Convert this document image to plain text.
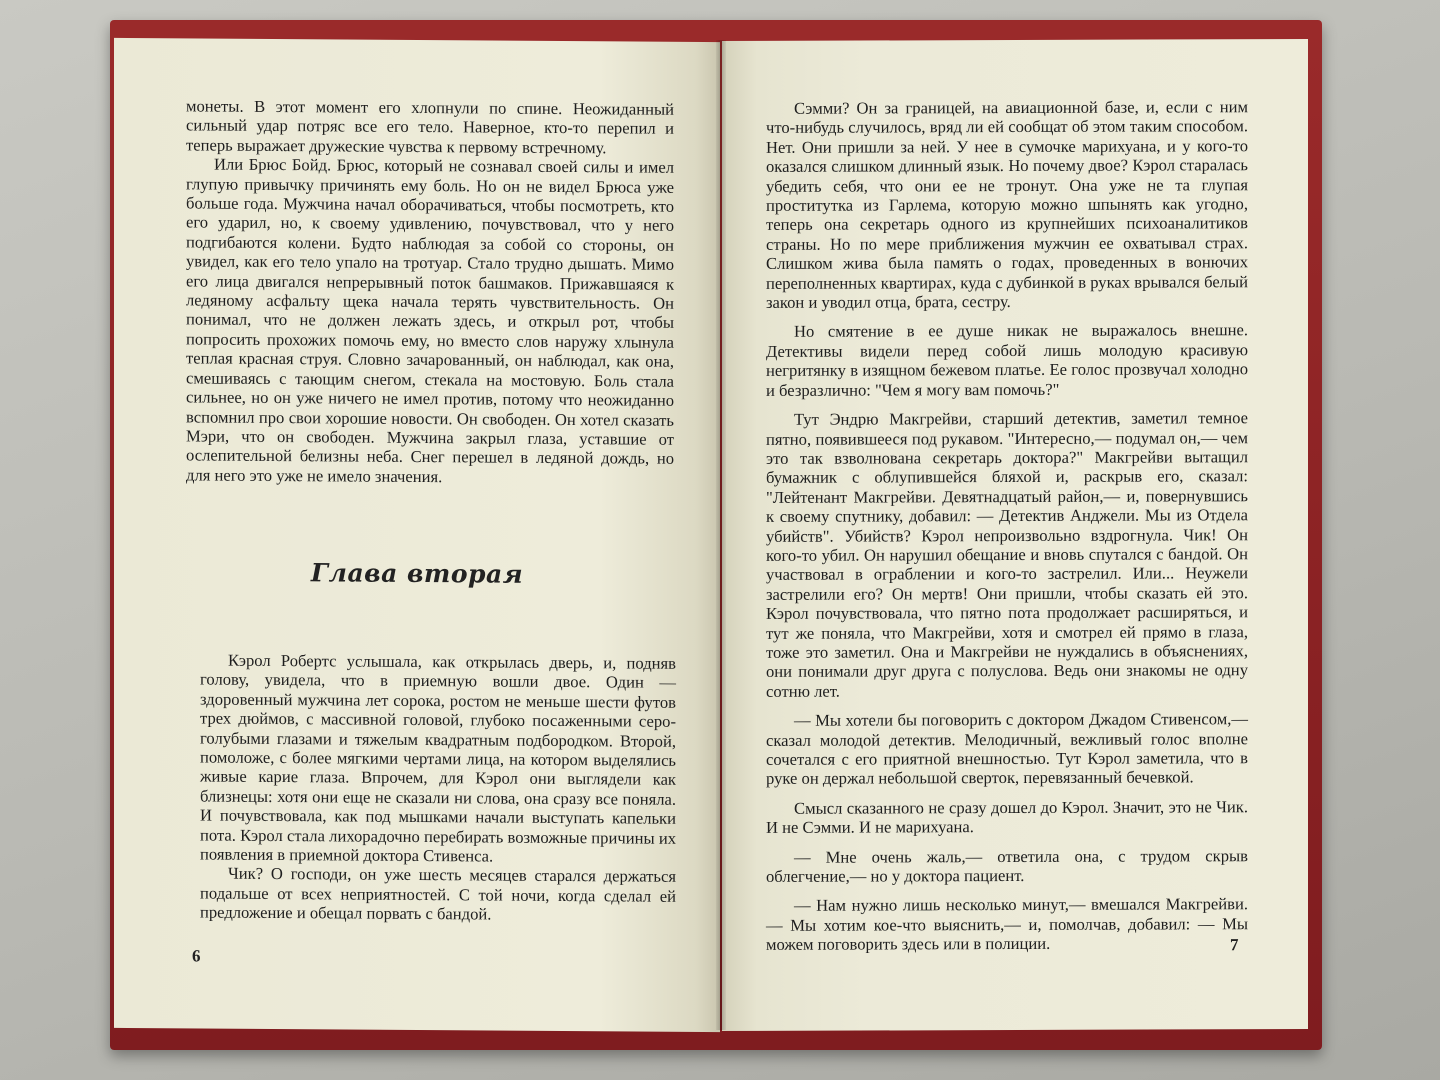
монеты. В этот момент его хлопнули по спине. Неожиданный сильный удар потряс все его тело. Наверное, кто-то перепил и теперь выражает дружеские чувства к первому встречному.

Или Брюс Бойд. Брюс, который не сознавал своей силы и имел глупую привычку причинять ему боль. Но он не видел Брюса уже больше года. Мужчина начал оборачиваться, чтобы посмотреть, кто его ударил, но, к своему удивлению, почувствовал, что у него подгибаются колени. Будто наблюдая за собой со стороны, он увидел, как его тело упало на тротуар. Стало трудно дышать. Мимо его лица двигался непрерывный поток башмаков. Прижавшаяся к ледяному асфальту щека начала терять чувствительность. Он понимал, что не должен лежать здесь, и открыл рот, чтобы попросить прохожих помочь ему, но вместо слов наружу хлынула теплая красная струя. Словно зачарованный, он наблюдал, как она, смешиваясь с тающим снегом, стекала на мостовую. Боль стала сильнее, но он уже ничего не имел против, потому что неожиданно вспомнил про свои хорошие новости. Он свободен. Он хотел сказать Мэри, что он свободен. Мужчина закрыл глаза, уставшие от ослепительной белизны неба. Снег перешел в ледяной дождь, но для него это уже не имело значения.

Глава вторая

Кэрол Робертс услышала, как открылась дверь, и, подняв голову, увидела, что в приемную вошли двое. Один — здоровенный мужчина лет сорока, ростом не меньше шести футов трех дюймов, с массивной головой, глубоко посаженными серо-голубыми глазами и тяжелым квадратным подбородком. Второй, помоложе, с более мягкими чертами лица, на котором выделялись живые карие глаза. Впрочем, для Кэрол они выглядели как близнецы: хотя они еще не сказали ни слова, она сразу все поняла. И почувствовала, как под мышками начали выступать капельки пота. Кэрол стала лихорадочно перебирать возможные причины их появления в приемной доктора Стивенса.

Чик? О господи, он уже шесть месяцев старался держаться подальше от всех неприятностей. С той ночи, когда сделал ей предложение и обещал порвать с бандой.

6

Сэмми? Он за границей, на авиационной базе, и, если с ним что-нибудь случилось, вряд ли ей сообщат об этом таким способом. Нет. Они пришли за ней. У нее в сумочке марихуана, и у кого-то оказался слишком длинный язык. Но почему двое? Кэрол старалась убедить себя, что они ее не тронут. Она уже не та глупая проститутка из Гарлема, которую можно шпынять как угодно, теперь она секретарь одного из крупнейших психоаналитиков страны. Но по мере приближения мужчин ее охватывал страх. Слишком жива была память о годах, проведенных в вонючих переполненных квартирах, куда с дубинкой в руках врывался белый закон и уводил отца, брата, сестру.

Но смятение в ее душе никак не выражалось внешне. Детективы видели перед собой лишь молодую красивую негритянку в изящном бежевом платье. Ее голос прозвучал холодно и безразлично: "Чем я могу вам помочь?"

Тут Эндрю Макгрейви, старший детектив, заметил темное пятно, появившееся под рукавом. "Интересно,— подумал он,— чем это так взволнована секретарь доктора?" Макгрейви вытащил бумажник с облупившейся бляхой и, раскрыв его, сказал: "Лейтенант Макгрейви. Девятнадцатый район,— и, повернувшись к своему спутнику, добавил: — Детектив Анджели. Мы из Отдела убийств". Убийств? Кэрол непроизвольно вздрогнула. Чик! Он кого-то убил. Он нарушил обещание и вновь спутался с бандой. Он участвовал в ограблении и кого-то застрелил. Или... Неужели застрелили его? Он мертв! Они пришли, чтобы сказать ей это. Кэрол почувствовала, что пятно пота продолжает расширяться, и тут же поняла, что Макгрейви, хотя и смотрел ей прямо в глаза, тоже это заметил. Она и Макгрейви не нуждались в объяснениях, они понимали друг друга с полуслова. Ведь они знакомы не одну сотню лет.

— Мы хотели бы поговорить с доктором Джадом Стивенсом,— сказал молодой детектив. Мелодичный, вежливый голос вполне сочетался с его приятной внешностью. Тут Кэрол заметила, что в руке он держал небольшой сверток, перевязанный бечевкой.

Смысл сказанного не сразу дошел до Кэрол. Значит, это не Чик. И не Сэмми. И не марихуана.

— Мне очень жаль,— ответила она, с трудом скрыв облегчение,— но у доктора пациент.

— Нам нужно лишь несколько минут,— вмешался Макгрейви.— Мы хотим кое-что выяснить,— и, помолчав, добавил: — Мы можем поговорить здесь или в полиции.	7
